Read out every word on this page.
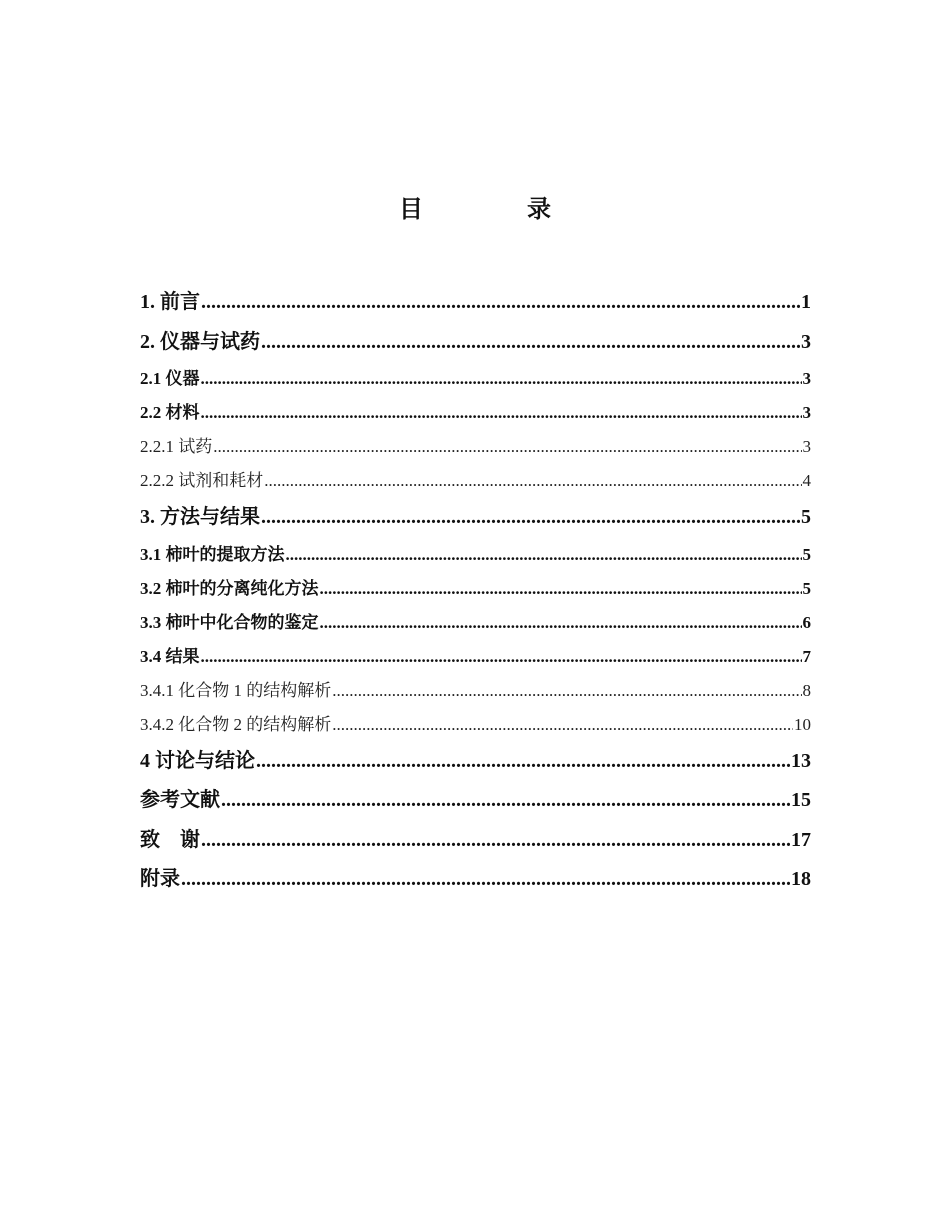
目　录
1. 前言 .....	1
2. 仪器与试药 .....	3
2.1 仪器 .....	3
2.2 材料 .....	3
2.2.1 试药 .....	3
2.2.2 试剂和耗材 .....	4
3. 方法与结果 .....	5
3.1 柿叶的提取方法 .....	5
3.2 柿叶的分离纯化方法 .....	5
3.3 柿叶中化合物的鉴定 .....	6
3.4 结果 .....	7
3.4.1 化合物 1 的结构解析 .....	8
3.4.2 化合物 2 的结构解析 .....	10
4 讨论与结论 .....	13
参考文献 .....	15
致　谢 .....	17
附录 .....	18
